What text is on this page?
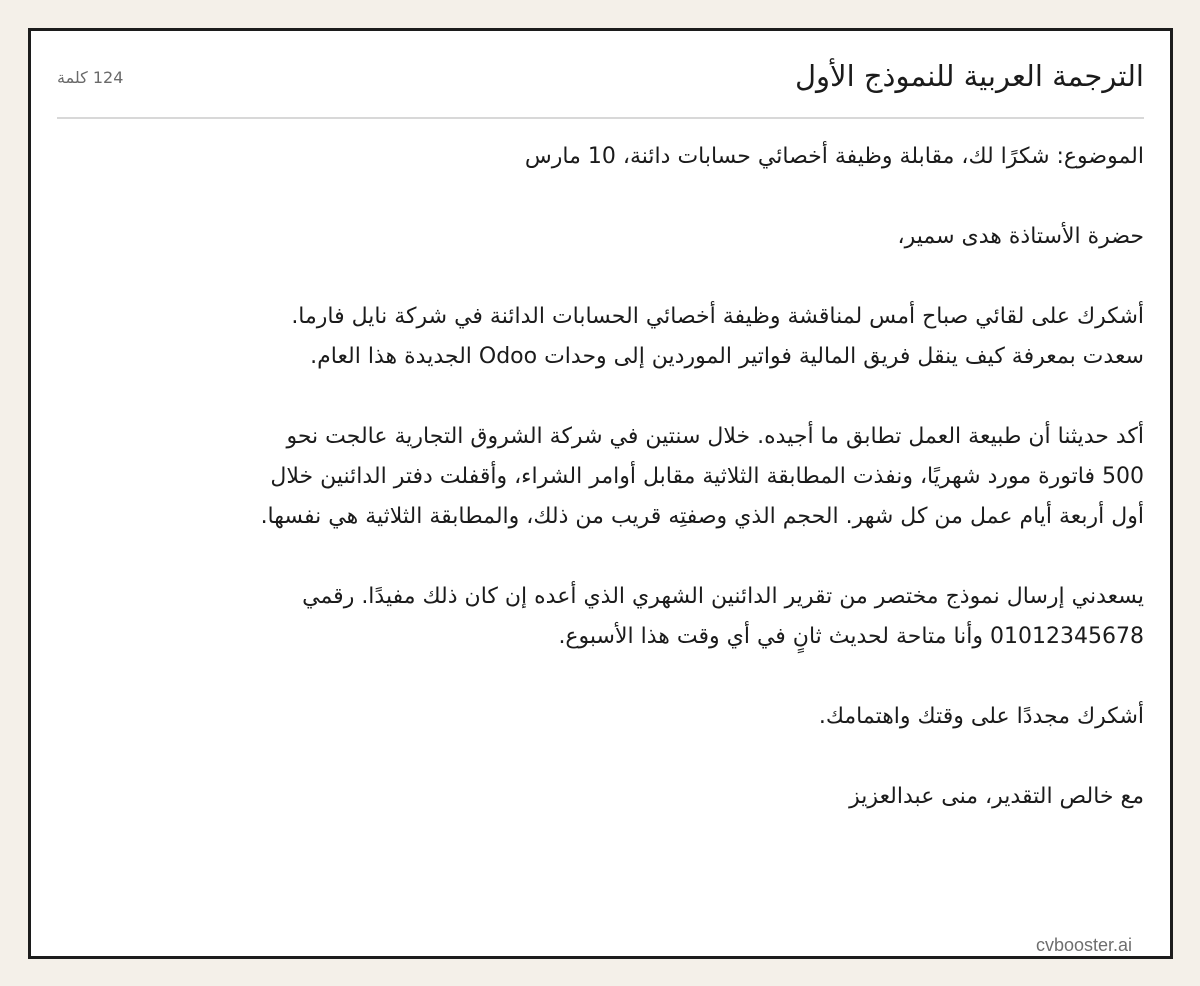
الترجمة العربية للنموذج الأول
124 كلمة

الموضوع: شكرًا لك، مقابلة وظيفة أخصائي حسابات دائنة، 10 مارس

حضرة الأستاذة هدى سمير،

أشكرك على لقائي صباح أمس لمناقشة وظيفة أخصائي الحسابات الدائنة في شركة نايل فارما. سعدت بمعرفة كيف ينقل فريق المالية فواتير الموردين إلى وحدات Odoo الجديدة هذا العام.

أكد حديثنا أن طبيعة العمل تطابق ما أجيده. خلال سنتين في شركة الشروق التجارية عالجت نحو 500 فاتورة مورد شهريًا، ونفذت المطابقة الثلاثية مقابل أوامر الشراء، وأقفلت دفتر الدائنين خلال أول أربعة أيام عمل من كل شهر. الحجم الذي وصفتِه قريب من ذلك، والمطابقة الثلاثية هي نفسها.

يسعدني إرسال نموذج مختصر من تقرير الدائنين الشهري الذي أعده إن كان ذلك مفيدًا. رقمي 01012345678 وأنا متاحة لحديث ثانٍ في أي وقت هذا الأسبوع.

أشكرك مجددًا على وقتك واهتمامك.

مع خالص التقدير، منى عبدالعزيز

cvbooster.ai
